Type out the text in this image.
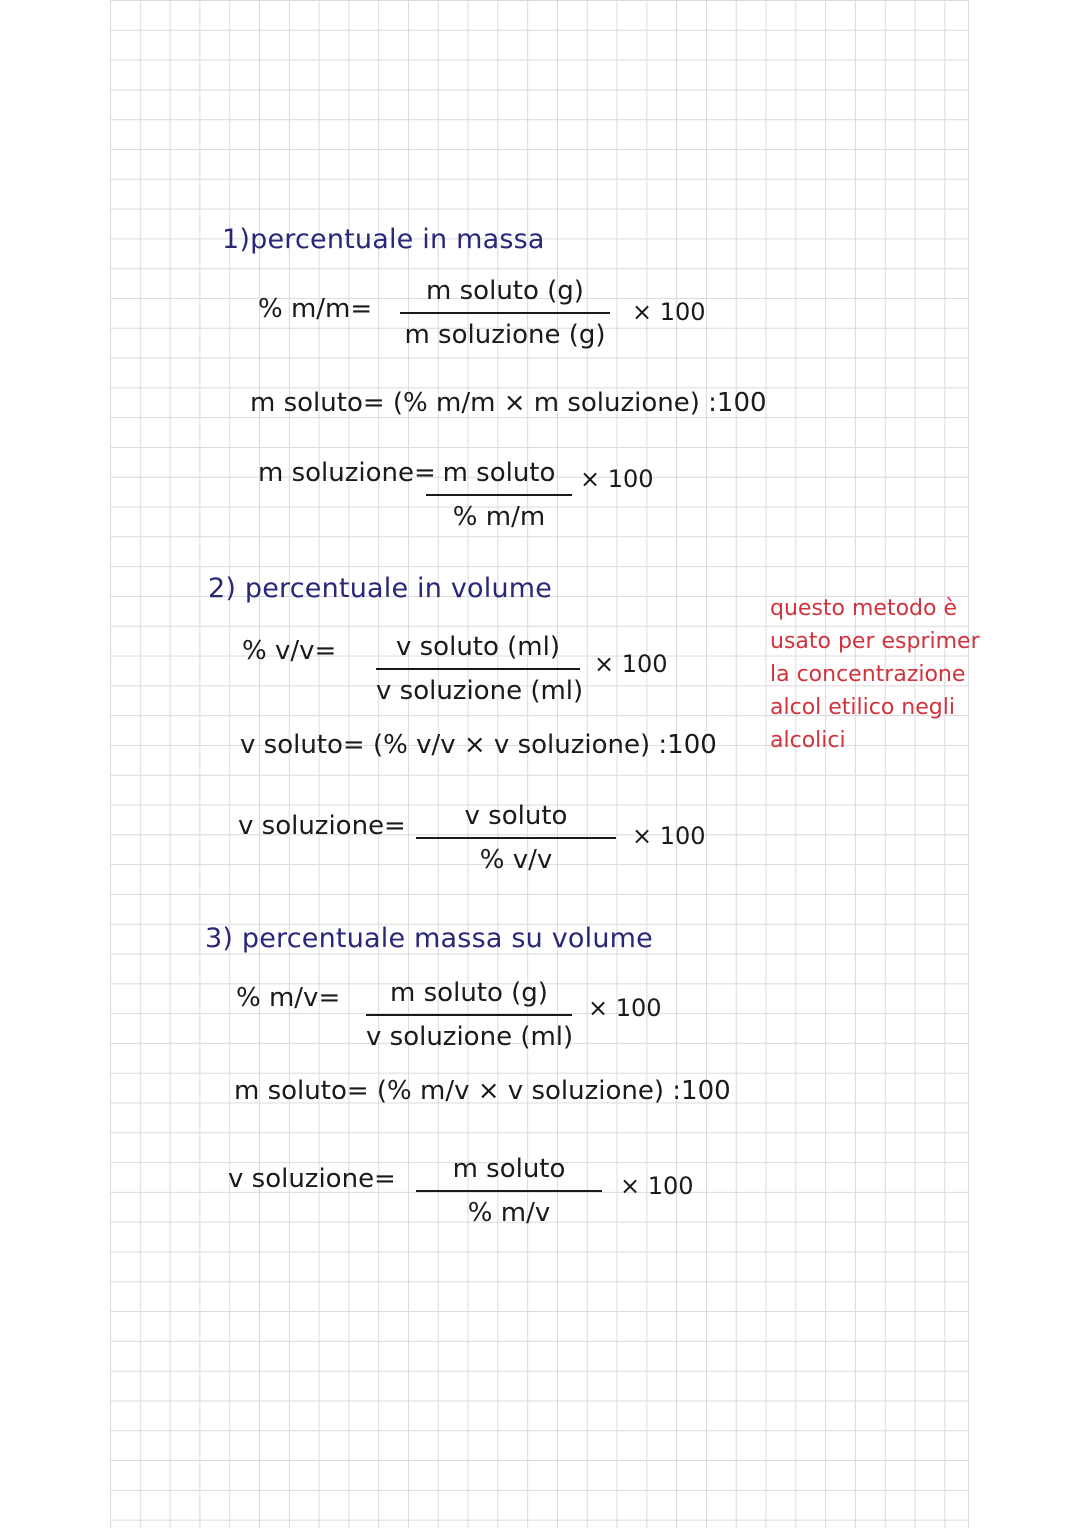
1)percentuale in massa
% m/m=
m soluto (g)
m soluzione (g)
× 100
m soluto= (% m/m × m soluzione) :100
m soluzione= m soluto
% m/m
× 100
2) percentuale in volume
% v/v=	v soluto (ml)
v soluzione (ml)
× 100
v soluto= (% v/v × v soluzione) :100
v soluzione=	v soluto
% v/v
× 100
3) percentuale massa su volume
% m/v=	m soluto (g)
v soluzione (ml)
× 100
m soluto= (% m/v × v soluzione) :100
v soluzione=	m soluto
% m/v
× 100
questo metodo è
usato per esprimer
la concentrazione
alcol etilico negli
alcolici
